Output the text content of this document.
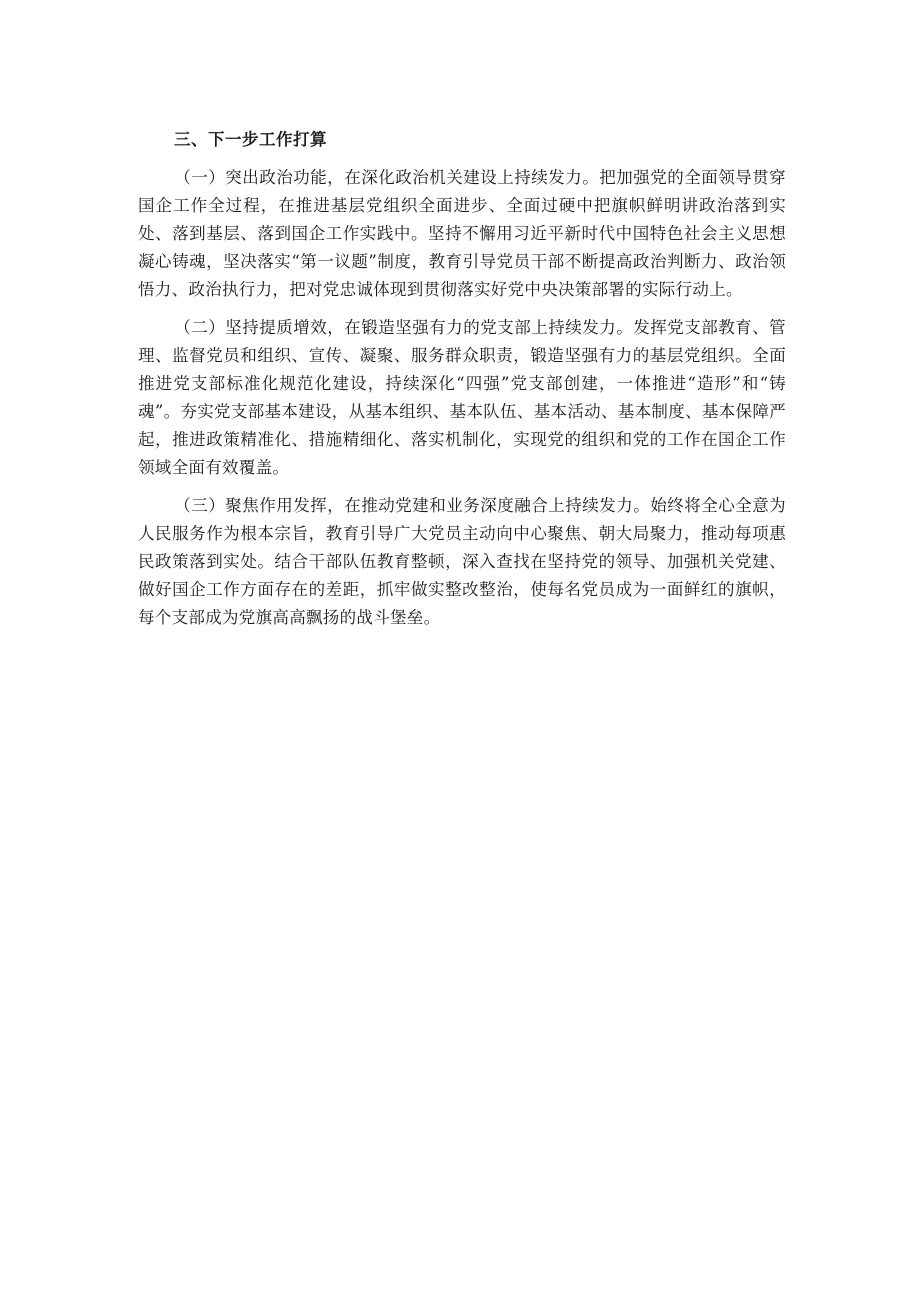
三、下一步工作打算

（一）突出政治功能，在深化政治机关建设上持续发力。把加强党的全面领导贯穿国企工作全过程，在推进基层党组织全面进步、全面过硬中把旗帜鲜明讲政治落到实处、落到基层、落到国企工作实践中。坚持不懈用习近平新时代中国特色社会主义思想凝心铸魂，坚决落实“第一议题”制度，教育引导党员干部不断提高政治判断力、政治领悟力、政治执行力，把对党忠诚体现到贯彻落实好党中央决策部署的实际行动上。

（二）坚持提质增效，在锻造坚强有力的党支部上持续发力。发挥党支部教育、管理、监督党员和组织、宣传、凝聚、服务群众职责，锻造坚强有力的基层党组织。全面推进党支部标准化规范化建设，持续深化“四强”党支部创建，一体推进“造形”和“铸魂”。夯实党支部基本建设，从基本组织、基本队伍、基本活动、基本制度、基本保障严起，推进政策精准化、措施精细化、落实机制化，实现党的组织和党的工作在国企工作领域全面有效覆盖。

（三）聚焦作用发挥，在推动党建和业务深度融合上持续发力。始终将全心全意为人民服务作为根本宗旨，教育引导广大党员主动向中心聚焦、朝大局聚力，推动每项惠民政策落到实处。结合干部队伍教育整顿，深入查找在坚持党的领导、加强机关党建、做好国企工作方面存在的差距，抓牢做实整改整治，使每名党员成为一面鲜红的旗帜，每个支部成为党旗高高飘扬的战斗堡垒。
